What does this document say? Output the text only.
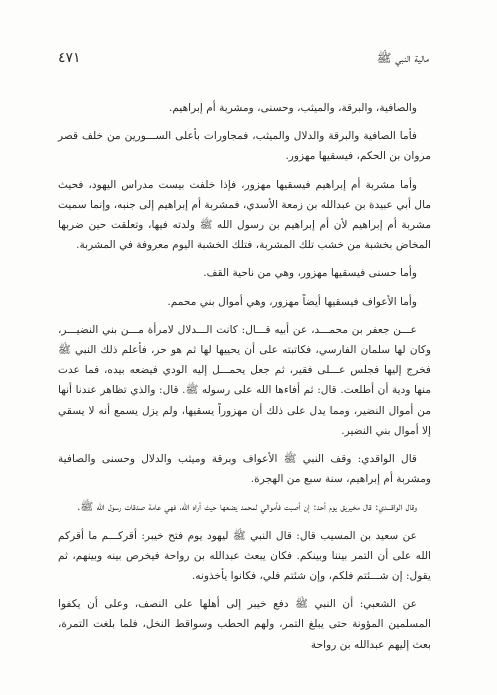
٤٧١	مالية النبي ﷺ

والصافية، والبرقة، والميثب، وحسنى، ومشربة أم إبراهيم.

فأما الصافية والبرقة والدلال والميثب، فمجاورات بأعلى الســـورين من خلف قصر مروان بن الحكم، فيسقيها مهزور.

وأما مشربة أم إبراهيم فيسقيها مهزور، فإذا خلفت بيست مدراس اليهود، فحيث مال أبي عبيدة بن عبدالله بن زمعة الأسدي، فمشربة أم إبراهيم إلى جنبه، وإنما سميت مشربة أم إبراهيم لأن أم إبراهيم بن رسول الله ﷺ ولدته فيها، وتعلقت حين ضربها المخاض بخشبة من خشب تلك المشربة، فتلك الخشبة اليوم معروفة في المشربة.

وأما حسنى فيسقيها مهزور، وهي من ناحية القف.

وأما الأعواف فيسقيها أيضاً مهزور، وهي أموال بني محمم.

عـــن جعفر بن محمـــد، عن أبيه قـــال: كانت الـــدلال لامرأة مـــن بني النضيـــر، وكان لها سلمان الفارسي، فكاتبته على أن يحييها لها ثم هو حر، فأعلم ذلك النبي ﷺ فخرج إليها فجلس عـــلى فقير، ثم جعل يحمـــل إليه الودي فيضعه بيده، فما عدت منها ودية أن أطلعت. قال: ثم أفاءها الله على رسوله ﷺ. قال: والذي تظاهر عندنا أنها من أموال النضير، ومما يدل على ذلك أن مهزوراً يسقيها، ولم يزل يسمع أنه لا يسقي إلا أموال بني النضير.

قال الواقدي: وقف النبي ﷺ الأعواف وبرقة وميثب والدلال وحسنى والصافية ومشربة أم إبراهيم، سنة سبع من الهجرة.

وقال الواقـــدي: قال مخيريق يوم أحد: إن أصبت فأموالي لمحمد يضعها حيث أراه الله، فهي عامة صدقات رسول الله ﷺ.

عن سعيد بن المسيب قال: قال النبي ﷺ ليهود يوم فتح خيبر: أقركـــم ما أقركم الله على أن التمر بيننا وبينكم. فكان يبعث عبدالله بن رواحة فيخرص بينه وبينهم، ثم يقول: إن شـــئتم فلكم، وإن شئتم فلي، فكانوا يأخذونه.

عن الشعبي: أن النبي ﷺ دفع خيبر إلى أهلها على النصف، وعلى أن يكفوا المسلمين المؤونة حتى يبلغ التمر، ولهم الحطب وسواقط النخل، فلما بلغت التمرة، بعث إليهم عبدالله بن رواحة
